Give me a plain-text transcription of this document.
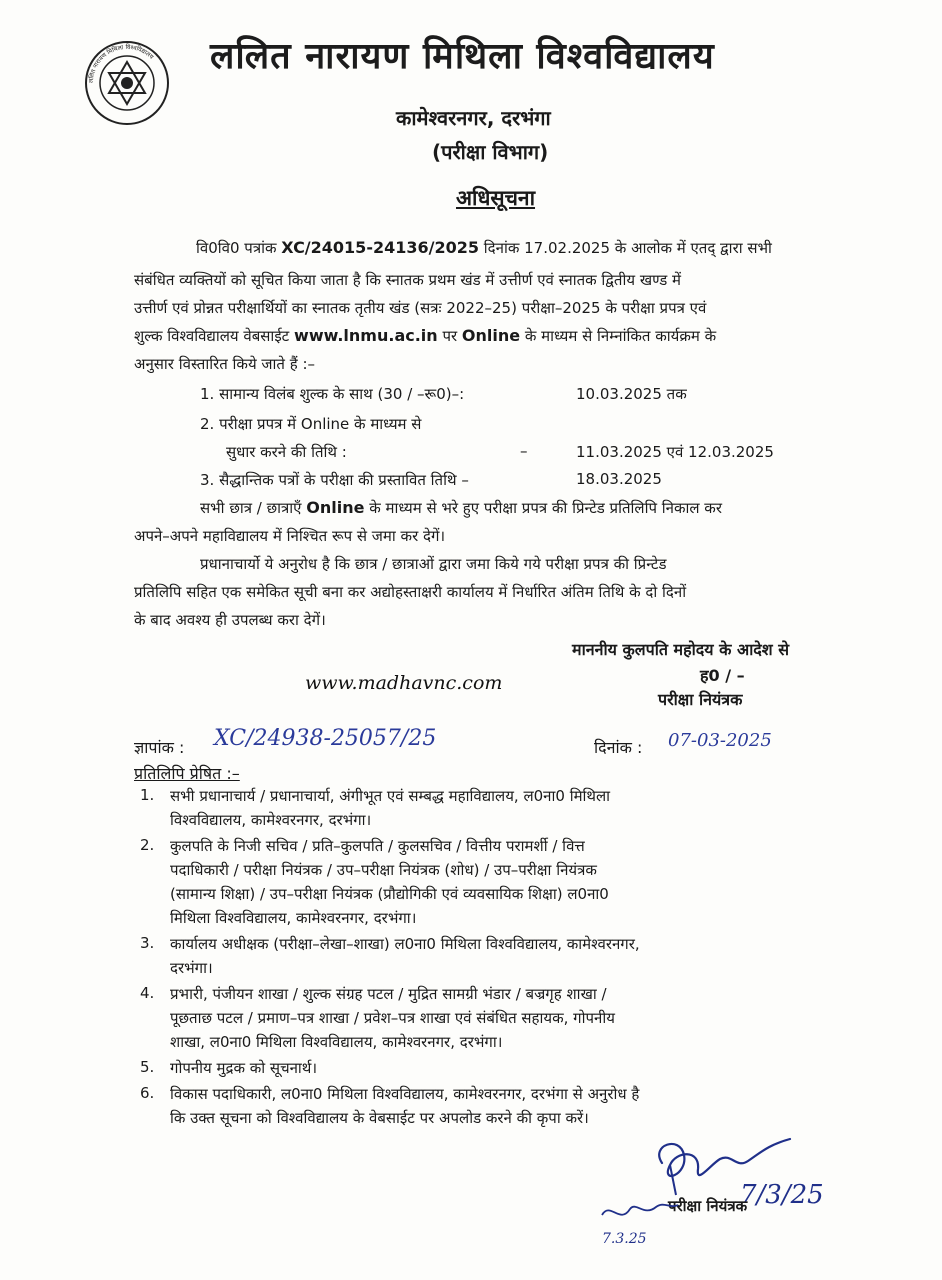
ललित नारायण मिथिला विश्वविद्यालय ललित नारायण मिथिला विश्वविद्यालय
कामेश्वरनगर, दरभंगा
(परीक्षा विभाग)
अधिसूचना
वि0वि0 पत्रांक XC/24015-24136/2025 दिनांक 17.02.2025 के आलोक में एतद् द्वारा सभी
संबंधित व्यक्तियों को सूचित किया जाता है कि स्नातक प्रथम खंड में उत्तीर्ण एवं स्नातक द्वितीय खण्ड में
उत्तीर्ण एवं प्रोन्नत परीक्षार्थियों का स्नातक तृतीय खंड (सत्रः 2022–25) परीक्षा–2025 के परीक्षा प्रपत्र एवं
शुल्क विश्वविद्यालय वेबसाईट www.lnmu.ac.in पर Online के माध्यम से निम्नांकित कार्यक्रम के
अनुसार विस्तारित किये जाते हैं :–
1. सामान्य विलंब शुल्क के साथ (30 / –रू0)–:	10.03.2025 तक
2. परीक्षा प्रपत्र में Online के माध्यम से
सुधार करने की तिथि :	–	11.03.2025 एवं 12.03.2025
3. सैद्धान्तिक पत्रों के परीक्षा की प्रस्तावित तिथि –	18.03.2025
सभी छात्र / छात्राएँ Online के माध्यम से भरे हुए परीक्षा प्रपत्र की प्रिन्टेड प्रतिलिपि निकाल कर
अपने–अपने महाविद्यालय में निश्चित रूप से जमा कर देगें।
प्रधानाचार्यो ये अनुरोध है कि छात्र / छात्राओं द्वारा जमा किये गये परीक्षा प्रपत्र की प्रिन्टेड
प्रतिलिपि सहित एक समेकित सूची बना कर अद्योहस्ताक्षरी कार्यालय में निर्धारित अंतिम तिथि के दो दिनों
के बाद अवश्य ही उपलब्ध करा देगें।
माननीय कुलपति महोदय के आदेश से
ह0 / –
परीक्षा नियंत्रक
www.madhavnc.com
ज्ञापांक : XC/24938-25057/25	दिनांक : 07-03-2025
प्रतिलिपि प्रेषित :–
1. सभी प्रधानाचार्य / प्रधानाचार्या, अंगीभूत एवं सम्बद्ध महाविद्यालय, ल0ना0 मिथिला
विश्वविद्यालय, कामेश्वरनगर, दरभंगा।
2. कुलपति के निजी सचिव / प्रति–कुलपति / कुलसचिव / वित्तीय परामर्शी / वित्त
पदाधिकारी / परीक्षा नियंत्रक / उप–परीक्षा नियंत्रक (शोध) / उप–परीक्षा नियंत्रक
(सामान्य शिक्षा) / उप–परीक्षा नियंत्रक (प्रौद्योगिकी एवं व्यवसायिक शिक्षा) ल0ना0
मिथिला विश्वविद्यालय, कामेश्वरनगर, दरभंगा।
3. कार्यालय अधीक्षक (परीक्षा–लेखा–शाखा) ल0ना0 मिथिला विश्वविद्यालय, कामेश्वरनगर,
दरभंगा।
4. प्रभारी, पंजीयन शाखा / शुल्क संग्रह पटल / मुद्रित सामग्री भंडार / बज्रगृह शाखा /
पूछताछ पटल / प्रमाण–पत्र शाखा / प्रवेश–पत्र शाखा एवं संबंधित सहायक, गोपनीय
शाखा, ल0ना0 मिथिला विश्वविद्यालय, कामेश्वरनगर, दरभंगा।
5. गोपनीय मुद्रक को सूचनार्थ।
6. विकास पदाधिकारी, ल0ना0 मिथिला विश्वविद्यालय, कामेश्वरनगर, दरभंगा से अनुरोध है
कि उक्त सूचना को विश्वविद्यालय के वेबसाईट पर अपलोड करने की कृपा करें।
7/3/25
परीक्षा नियंत्रक
7.3.25
